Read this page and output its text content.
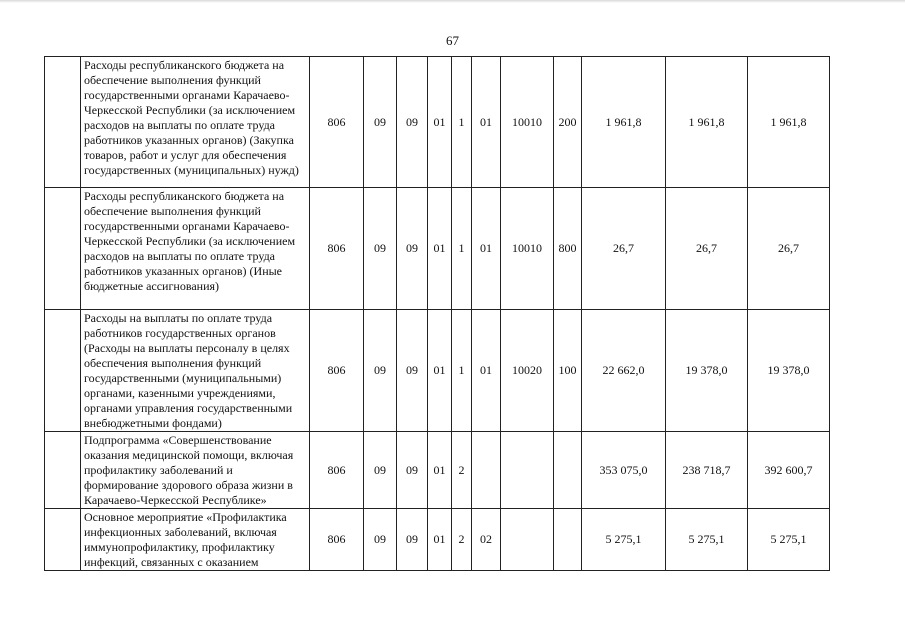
67
	Расходы республиканского бюджета на обеспечение выполнения функций государственными органами Карачаево-Черкесской Республики (за исключением расходов на выплаты по оплате труда работников указанных органов) (Закупка товаров, работ и услуг для обеспечения государственных (муниципальных) нужд)	806	09	09	01	1	01	10010	200	1 961,8	1 961,8	1 961,8
	Расходы республиканского бюджета на обеспечение выполнения функций государственными органами Карачаево-Черкесской Республики (за исключением расходов на выплаты по оплате труда работников указанных органов) (Иные бюджетные ассигнования)	806	09	09	01	1	01	10010	800	26,7	26,7	26,7
	Расходы на выплаты по оплате труда работников государственных органов (Расходы на выплаты персоналу в целях обеспечения выполнения функций государственными (муниципальными) органами, казенными учреждениями, органами управления государственными внебюджетными фондами)	806	09	09	01	1	01	10020	100	22 662,0	19 378,0	19 378,0
	Подпрограмма «Совершенствование оказания медицинской помощи, включая профилактику заболеваний и формирование здорового образа жизни в Карачаево-Черкесской Республике»	806	09	09	01	2				353 075,0	238 718,7	392 600,7
	Основное мероприятие «Профилактика инфекционных заболеваний, включая иммунопрофилактику, профилактику инфекций, связанных с оказанием	806	09	09	01	2	02			5 275,1	5 275,1	5 275,1
